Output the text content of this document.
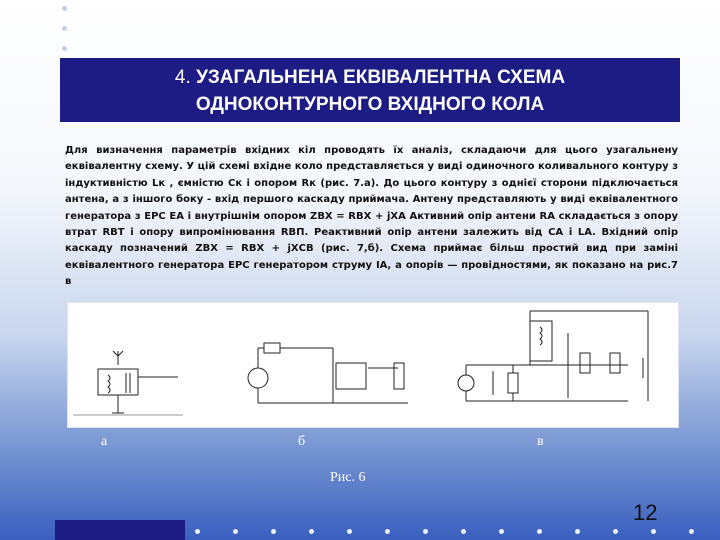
4. УЗАГАЛЬНЕНА ЕКВІВАЛЕНТНА СХЕМА
ОДНОКОНТУРНОГО ВХІДНОГО КОЛА

Для визначення параметрів вхідних кіл проводять їх аналіз, складаючи для цього узагальнену еквівалентну схему. У цій схемі вхідне коло представляється у виді одиночного коливального контуру з індуктивністю Lк , ємністю Cк і опором Rк (рис. 7.а). До цього контуру з однієї сторони підключається антена, а з іншого боку - вхід першого каскаду приймача. Антену представляють у виді еквівалентного генератора з ЕРС EА і внутрішнім опором ZВХ = RВХ + jXА Активний опір антени RА складається з опору втрат RВТ і опору випромінювання RВП. Реактивний опір антени залежить від CА і LА. Вхідний опір каскаду позначений ZВХ = RВХ + jXСВ (рис. 7,б). Схема приймає більш простий вид при заміні еквівалентного генератора ЕРС генератором струму IА, а опорів — провідностями, як показано на рис.7 в

а	б	в
Рис. 6
12
